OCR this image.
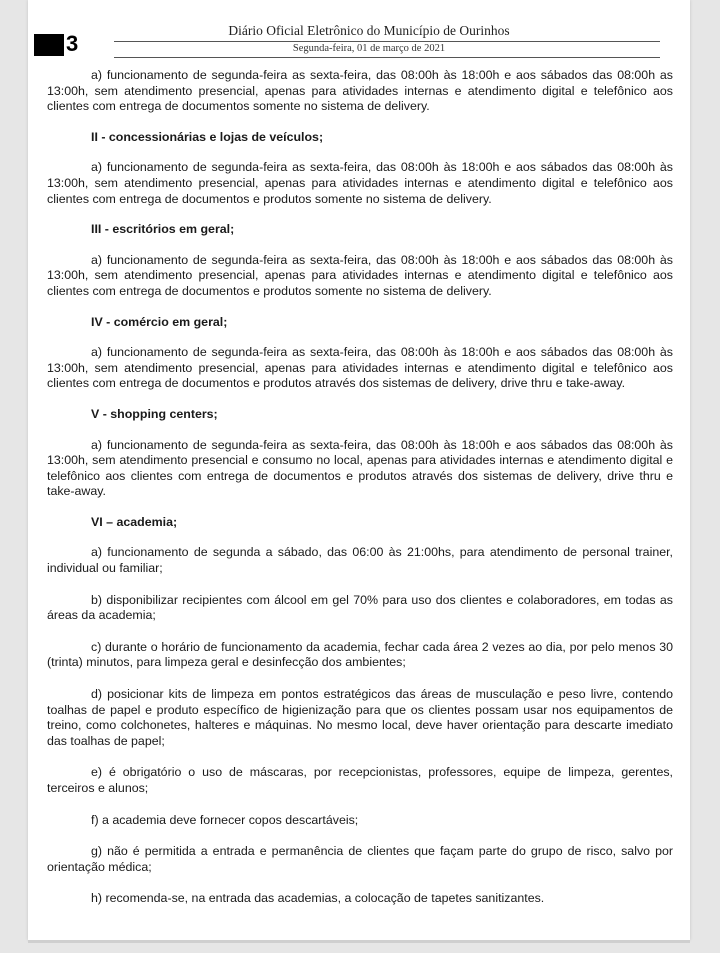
3
Diário Oficial Eletrônico do Município de Ourinhos
Segunda-feira, 01 de março de 2021

a) funcionamento de segunda-feira as sexta-feira, das 08:00h às 18:00h e aos sábados das 08:00h as 13:00h, sem atendimento presencial, apenas para atividades internas e atendimento digital e telefônico aos clientes com entrega de documentos somente no sistema de delivery.

II - concessionárias e lojas de veículos;

a) funcionamento de segunda-feira as sexta-feira, das 08:00h às 18:00h e aos sábados das 08:00h às 13:00h, sem atendimento presencial, apenas para atividades internas e atendimento digital e telefônico aos clientes com entrega de documentos e produtos somente no sistema de delivery.

III - escritórios em geral;

a) funcionamento de segunda-feira as sexta-feira, das 08:00h às 18:00h e aos sábados das 08:00h às 13:00h, sem atendimento presencial, apenas para atividades internas e atendimento digital e telefônico aos clientes com entrega de documentos e produtos somente no sistema de delivery.

IV - comércio em geral;

a) funcionamento de segunda-feira as sexta-feira, das 08:00h às 18:00h e aos sábados das 08:00h às 13:00h, sem atendimento presencial, apenas para atividades internas e atendimento digital e telefônico aos clientes com entrega de documentos e produtos através dos sistemas de delivery, drive thru e take-away.

V - shopping centers;

a) funcionamento de segunda-feira as sexta-feira, das 08:00h às 18:00h e aos sábados das 08:00h às 13:00h, sem atendimento presencial e consumo no local, apenas para atividades internas e atendimento digital e telefônico aos clientes com entrega de documentos e produtos através dos sistemas de delivery, drive thru e take-away.

VI – academia;

a) funcionamento de segunda a sábado, das 06:00 às 21:00hs, para atendimento de personal trainer, individual ou familiar;

b) disponibilizar recipientes com álcool em gel 70% para uso dos clientes e colaboradores, em todas as áreas da academia;

c) durante o horário de funcionamento da academia, fechar cada área 2 vezes ao dia, por pelo menos 30 (trinta) minutos, para limpeza geral e desinfecção dos ambientes;

d) posicionar kits de limpeza em pontos estratégicos das áreas de musculação e peso livre, contendo toalhas de papel e produto específico de higienização para que os clientes possam usar nos equipamentos de treino, como colchonetes, halteres e máquinas. No mesmo local, deve haver orientação para descarte imediato das toalhas de papel;

e) é obrigatório o uso de máscaras, por recepcionistas, professores, equipe de limpeza, gerentes, terceiros e alunos;

f) a academia deve fornecer copos descartáveis;

g) não é permitida a entrada e permanência de clientes que façam parte do grupo de risco, salvo por orientação médica;

h) recomenda-se, na entrada das academias, a colocação de tapetes sanitizantes.
